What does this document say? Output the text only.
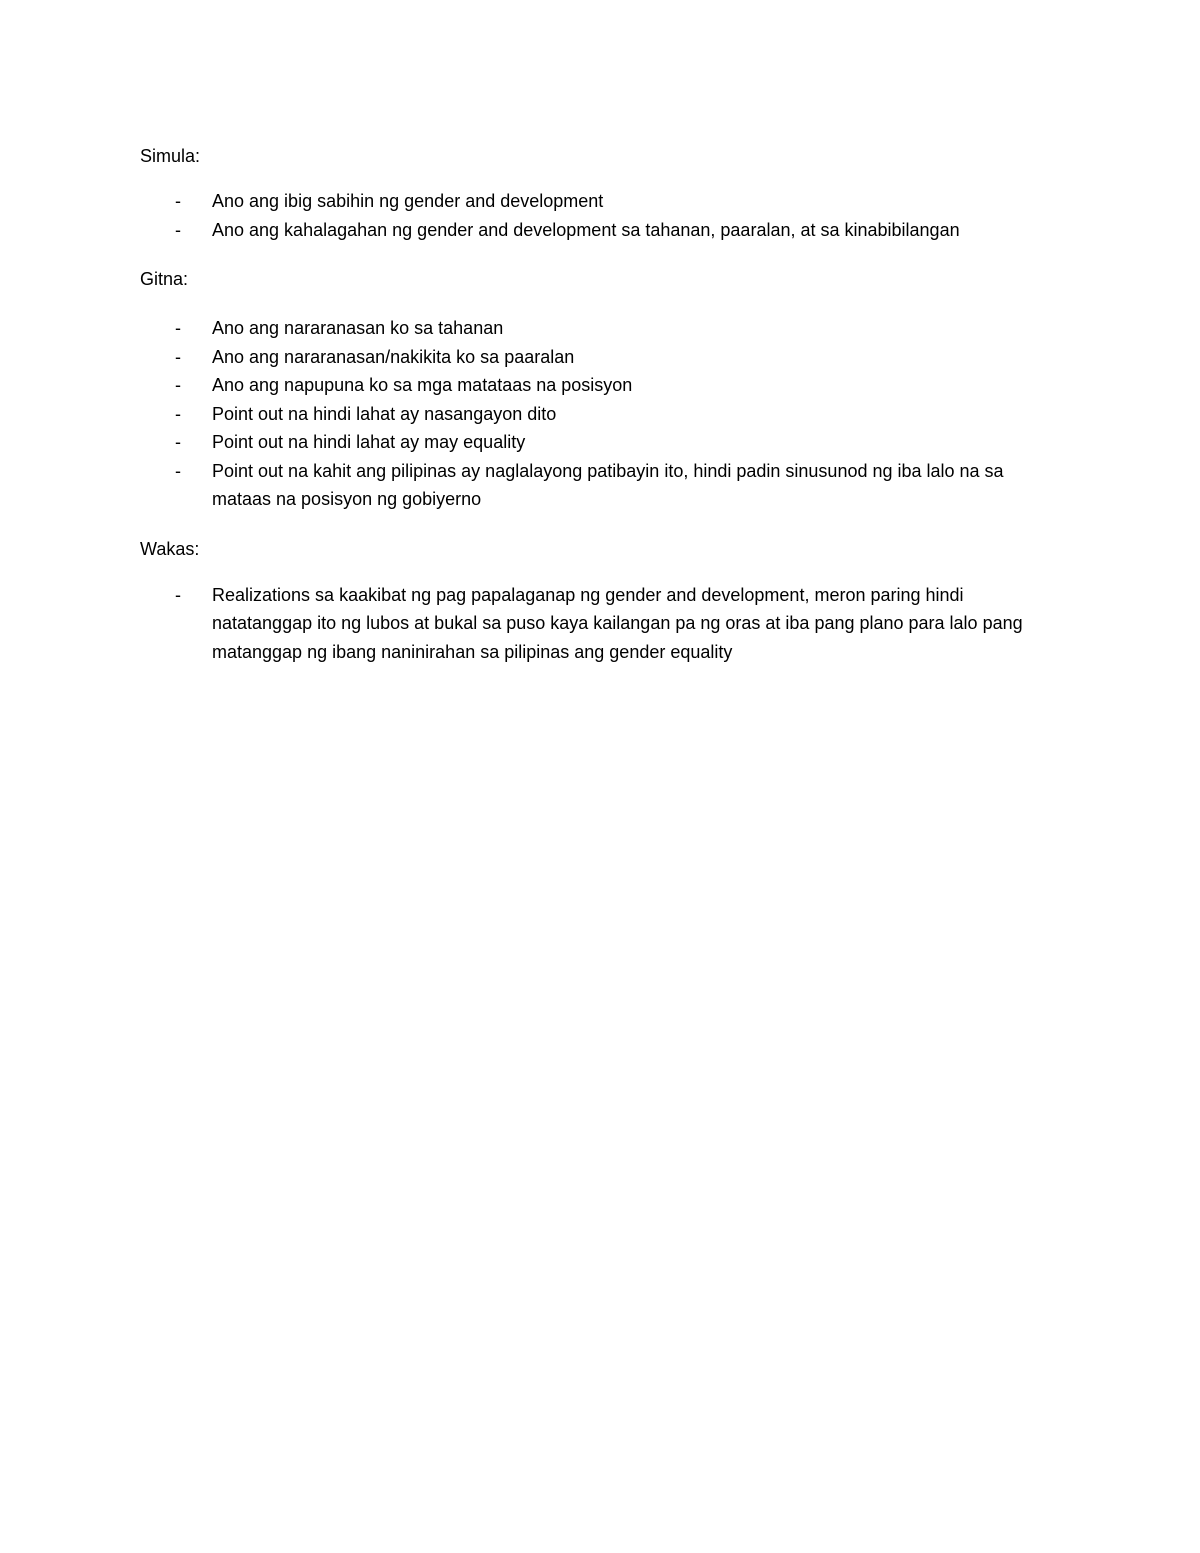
Simula:

- Ano ang ibig sabihin ng gender and development
- Ano ang kahalagahan ng gender and development sa tahanan, paaralan, at sa kinabibilangan

Gitna:

- Ano ang nararanasan ko sa tahanan
- Ano ang nararanasan/nakikita ko sa paaralan
- Ano ang napupuna ko sa mga matataas na posisyon
- Point out na hindi lahat ay nasangayon dito
- Point out na hindi lahat ay may equality
- Point out na kahit ang pilipinas ay naglalayong patibayin ito, hindi padin sinusunod ng iba lalo na sa mataas na posisyon ng gobiyerno

Wakas:

- Realizations sa kaakibat ng pag papalaganap ng gender and development, meron paring hindi natatanggap ito ng lubos at bukal sa puso kaya kailangan pa ng oras at iba pang plano para lalo pang matanggap ng ibang naninirahan sa pilipinas ang gender equality
